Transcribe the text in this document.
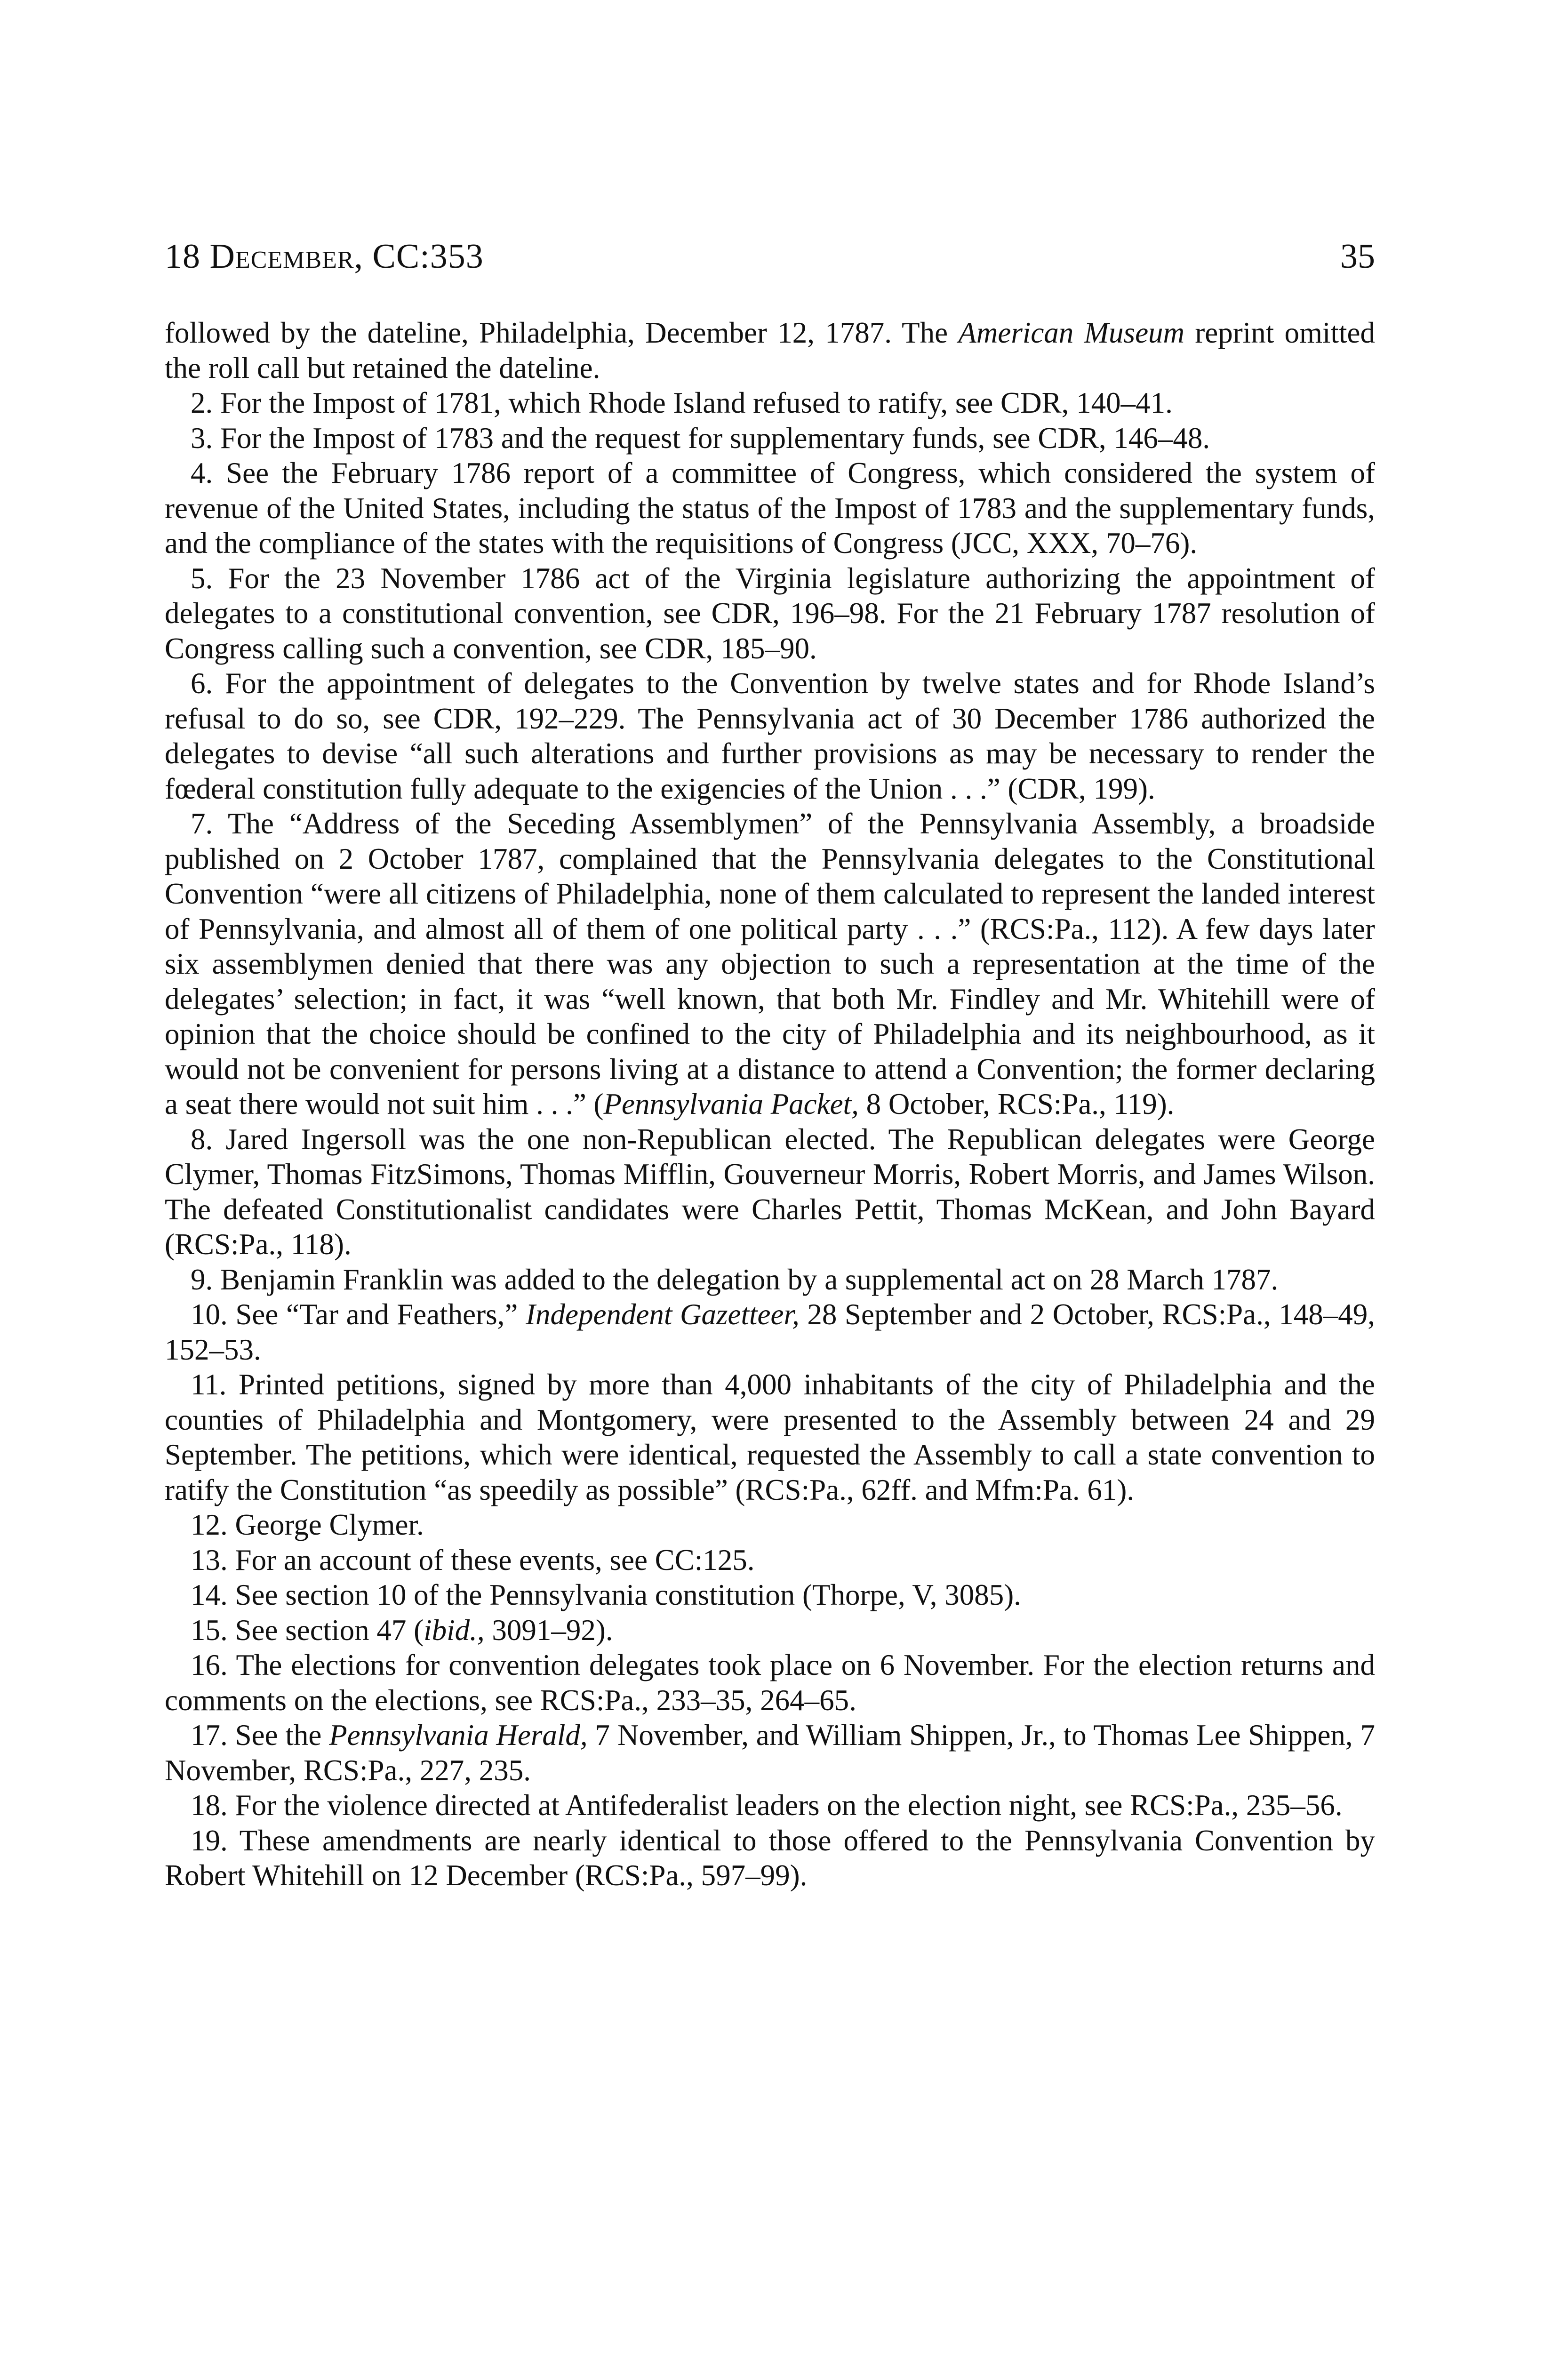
18 December, CC:353	35

followed by the dateline, Philadelphia, December 12, 1787. The American Museum reprint omitted the roll call but retained the dateline.

2. For the Impost of 1781, which Rhode Island refused to ratify, see CDR, 140–41.

3. For the Impost of 1783 and the request for supplementary funds, see CDR, 146–48.

4. See the February 1786 report of a committee of Congress, which considered the system of revenue of the United States, including the status of the Impost of 1783 and the supplementary funds, and the compliance of the states with the requisitions of Congress (JCC, XXX, 70–76).

5. For the 23 November 1786 act of the Virginia legislature authorizing the appointment of delegates to a constitutional convention, see CDR, 196–98. For the 21 February 1787 resolution of Congress calling such a convention, see CDR, 185–90.

6. For the appointment of delegates to the Convention by twelve states and for Rhode Island’s refusal to do so, see CDR, 192–229. The Pennsylvania act of 30 December 1786 authorized the delegates to devise “all such alterations and further provisions as may be necessary to render the fœderal constitution fully adequate to the exigencies of the Union . . .” (CDR, 199).

7. The “Address of the Seceding Assemblymen” of the Pennsylvania Assembly, a broadside published on 2 October 1787, complained that the Pennsylvania delegates to the Constitutional Convention “were all citizens of Philadelphia, none of them calculated to represent the landed interest of Pennsylvania, and almost all of them of one political party . . .” (RCS:Pa., 112). A few days later six assemblymen denied that there was any objection to such a representation at the time of the delegates’ selection; in fact, it was “well known, that both Mr. Findley and Mr. Whitehill were of opinion that the choice should be confined to the city of Philadelphia and its neighbourhood, as it would not be convenient for persons living at a distance to attend a Convention; the former declaring a seat there would not suit him . . .” (Pennsylvania Packet, 8 October, RCS:Pa., 119).

8. Jared Ingersoll was the one non-Republican elected. The Republican delegates were George Clymer, Thomas FitzSimons, Thomas Mifflin, Gouverneur Morris, Robert Morris, and James Wilson. The defeated Constitutionalist candidates were Charles Pettit, Thomas McKean, and John Bayard (RCS:Pa., 118).

9. Benjamin Franklin was added to the delegation by a supplemental act on 28 March 1787.

10. See “Tar and Feathers,” Independent Gazetteer, 28 September and 2 October, RCS:Pa., 148–49, 152–53.

11. Printed petitions, signed by more than 4,000 inhabitants of the city of Philadelphia and the counties of Philadelphia and Montgomery, were presented to the Assembly between 24 and 29 September. The petitions, which were identical, requested the Assembly to call a state convention to ratify the Constitution “as speedily as possible” (RCS:Pa., 62ff. and Mfm:Pa. 61).

12. George Clymer.

13. For an account of these events, see CC:125.

14. See section 10 of the Pennsylvania constitution (Thorpe, V, 3085).

15. See section 47 (ibid., 3091–92).

16. The elections for convention delegates took place on 6 November. For the election returns and comments on the elections, see RCS:Pa., 233–35, 264–65.

17. See the Pennsylvania Herald, 7 November, and William Shippen, Jr., to Thomas Lee Shippen, 7 November, RCS:Pa., 227, 235.

18. For the violence directed at Antifederalist leaders on the election night, see RCS:Pa., 235–56.

19. These amendments are nearly identical to those offered to the Pennsylvania Convention by Robert Whitehill on 12 December (RCS:Pa., 597–99).
